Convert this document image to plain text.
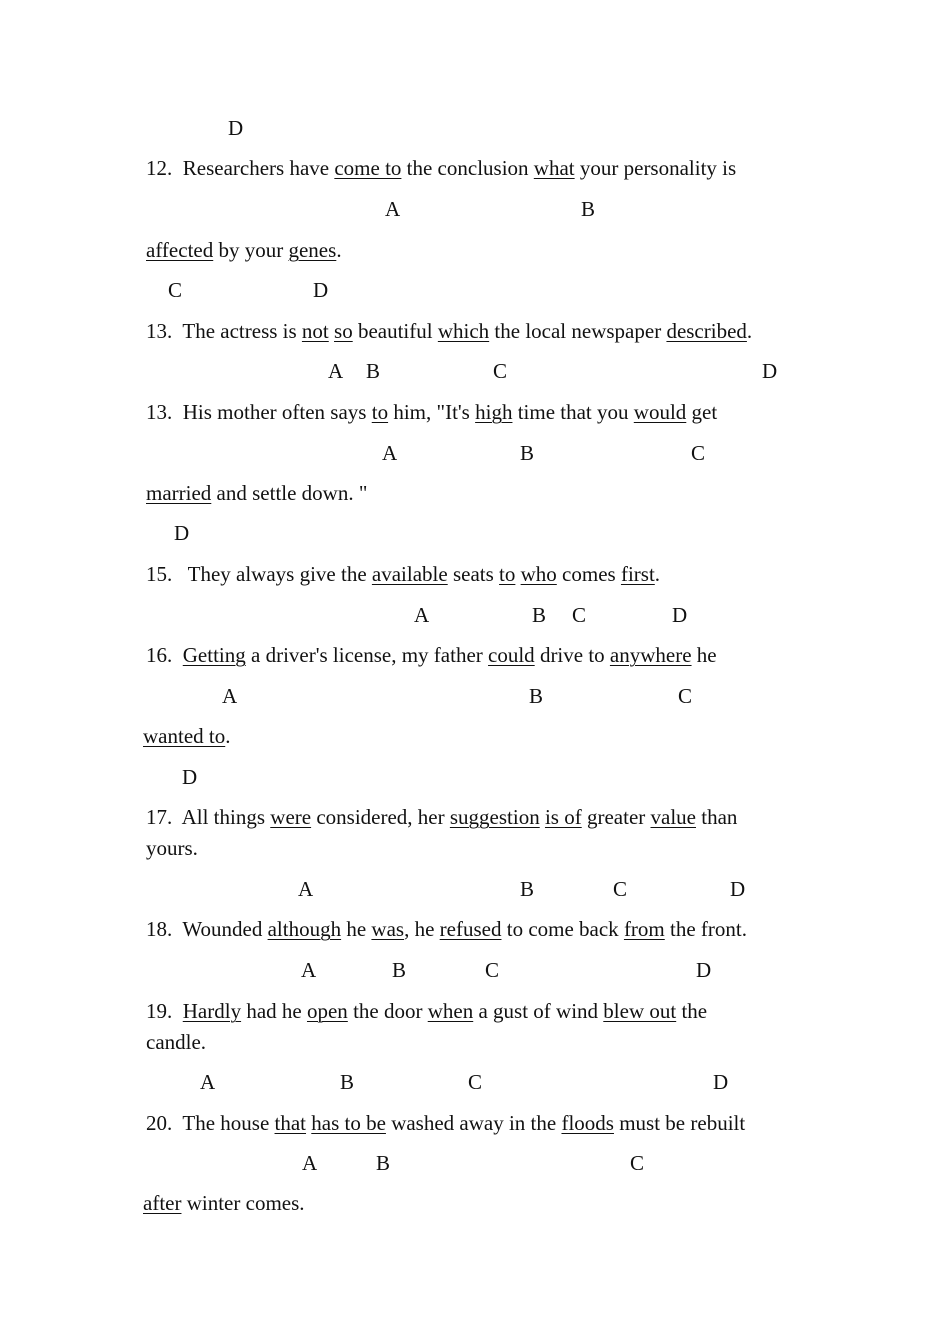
D
12. Researchers have come to the conclusion what your personality is
A	B
affected by your genes.
C	D
13. The actress is not so beautiful which the local newspaper described.
A B	C	D
13. His mother often says to him, "It's high time that you would get
A	B	C
married and settle down. "
D
15. They always give the available seats to who comes first.
A	B C	D
16. Getting a driver's license, my father could drive to anywhere he
A	B	C
wanted to.
D
17. All things were considered, her suggestion is of greater value than
yours.
A	B	C	D
18. Wounded although he was, he refused to come back from the front.
A	B	C	D
19. Hardly had he open the door when a gust of wind blew out the
candle.
A	B	C	D
20. The house that has to be washed away in the floods must be rebuilt
A	B	C
after winter comes.
